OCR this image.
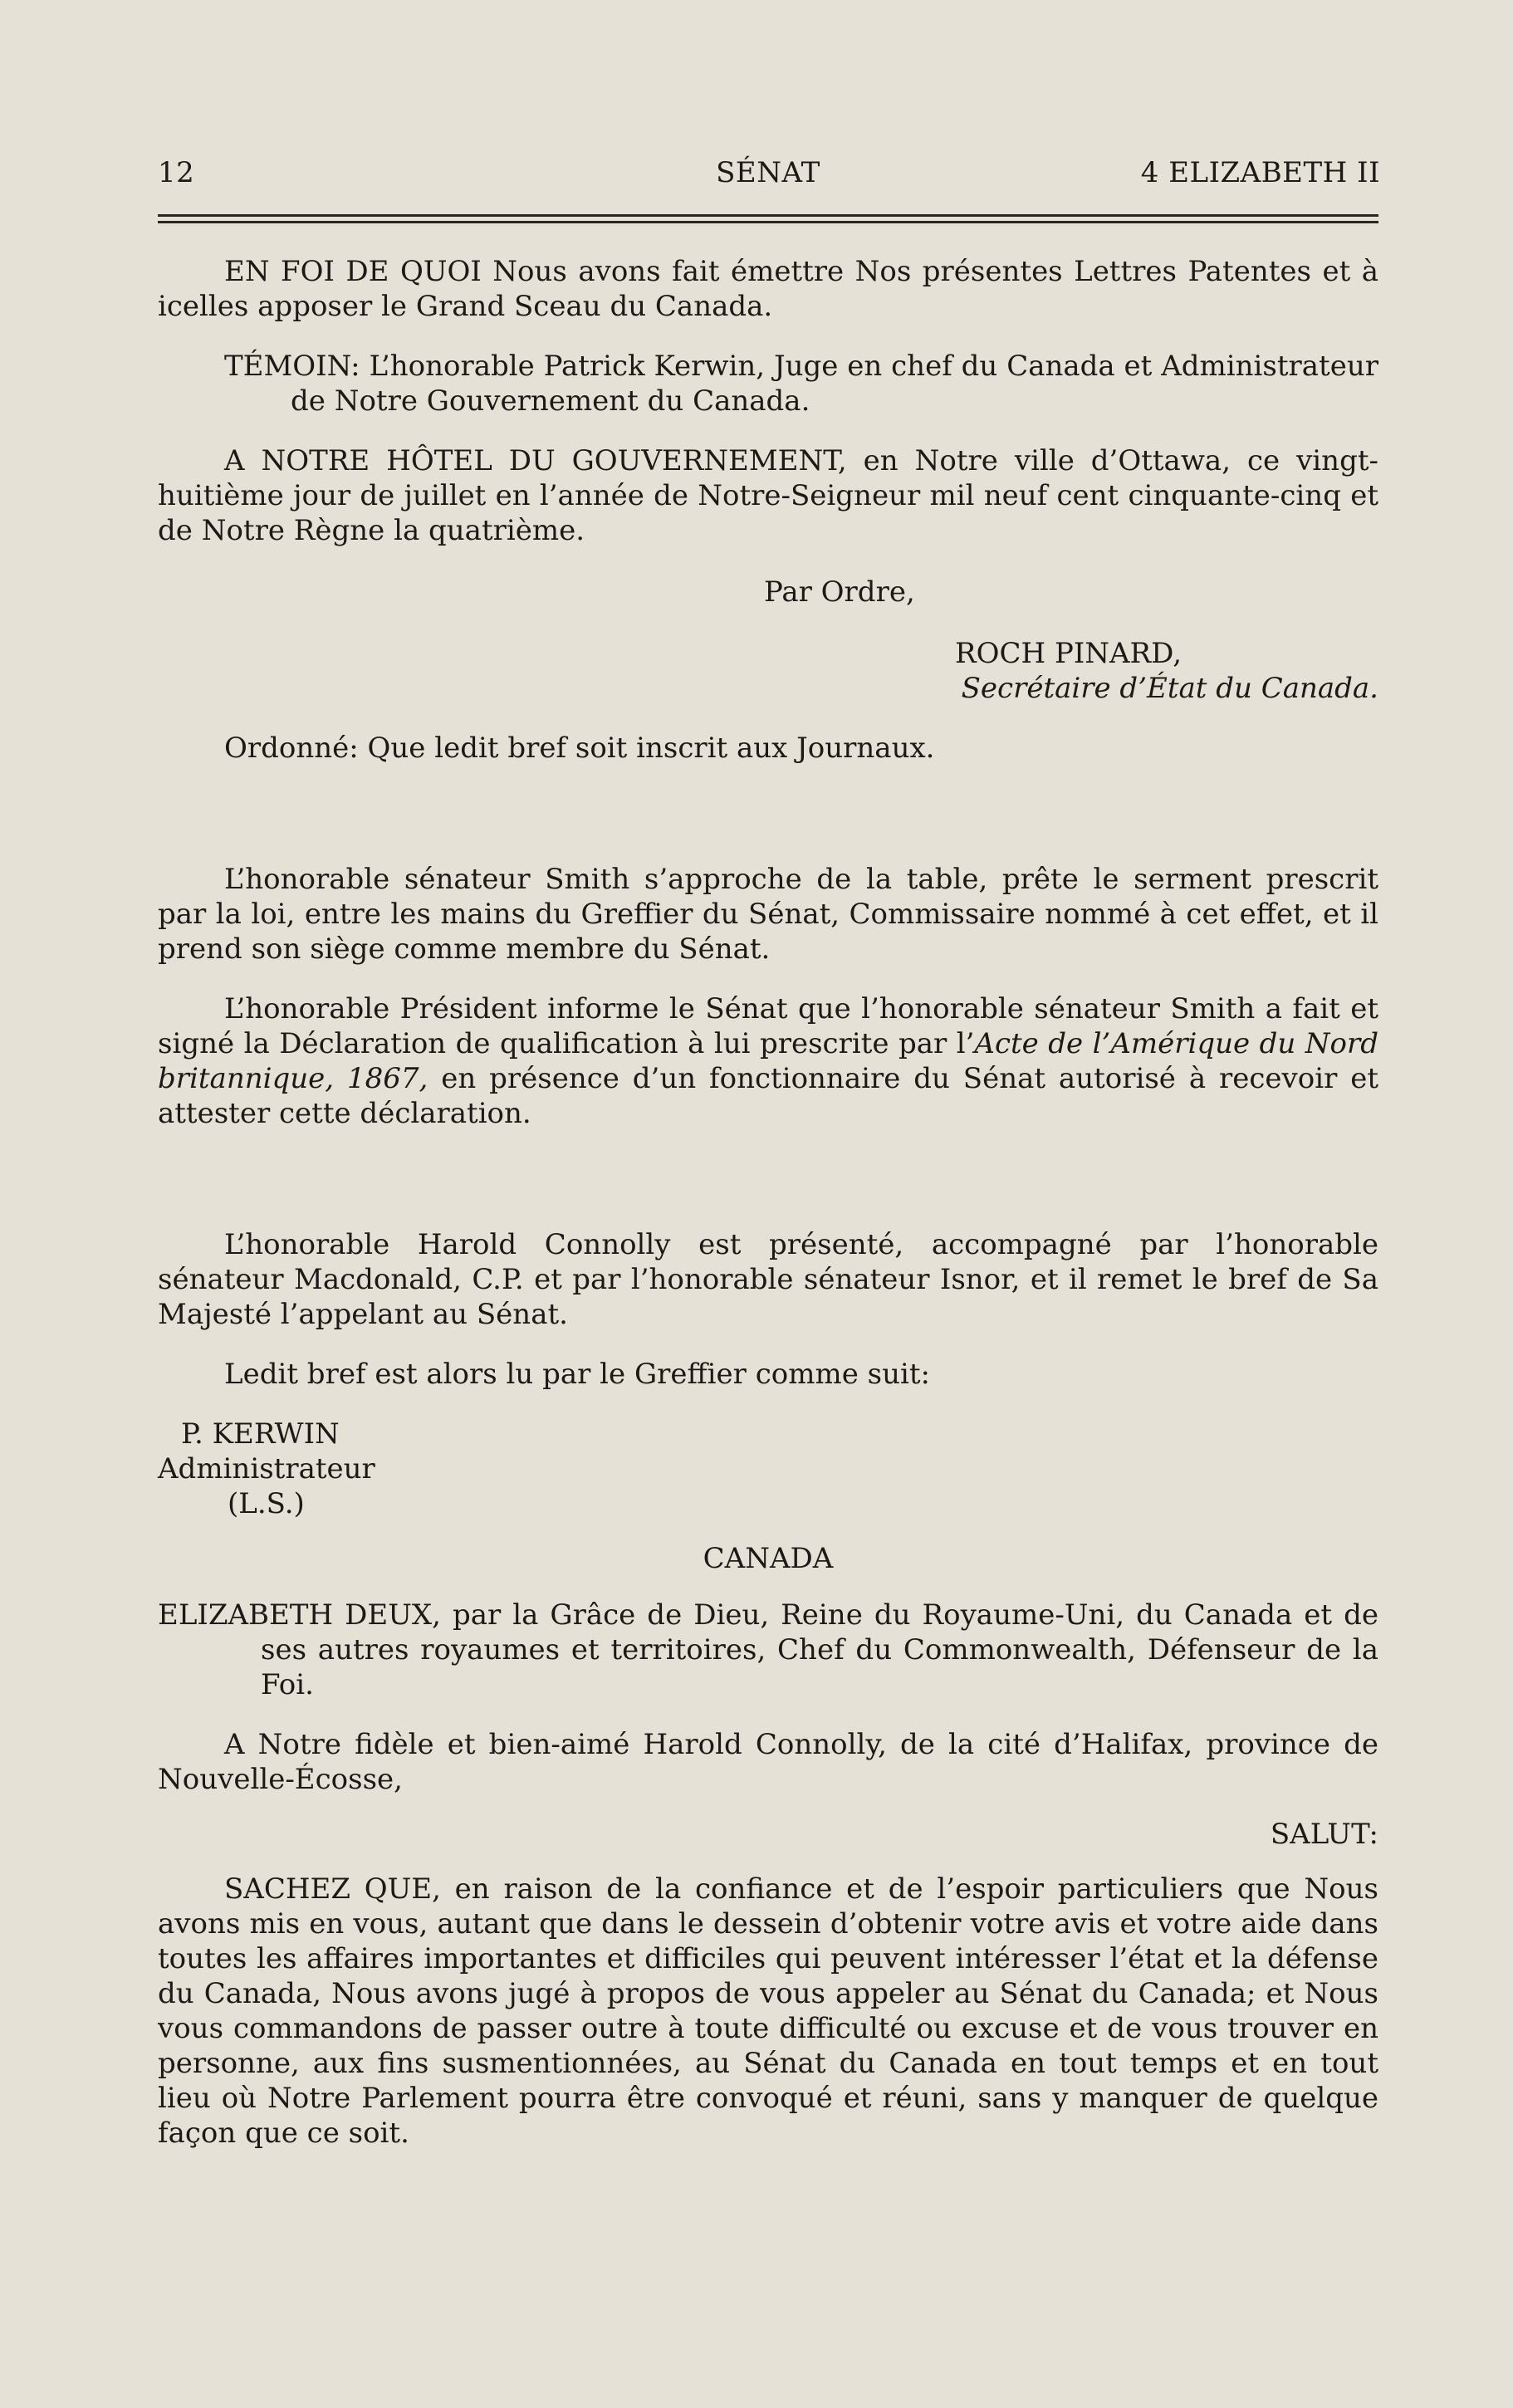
12	SÉNAT	4 ELIZABETH II

EN FOI DE QUOI Nous avons fait émettre Nos présentes Lettres Patentes et à icelles apposer le Grand Sceau du Canada.

TÉMOIN: L’honorable Patrick Kerwin, Juge en chef du Canada et Administrateur de Notre Gouvernement du Canada.

A NOTRE HÔTEL DU GOUVERNEMENT, en Notre ville d’Ottawa, ce vingt-huitième jour de juillet en l’année de Notre-Seigneur mil neuf cent cinquante-cinq et de Notre Règne la quatrième.

Par Ordre,

ROCH PINARD,

Secrétaire d’État du Canada.

Ordonné: Que ledit bref soit inscrit aux Journaux.

L’honorable sénateur Smith s’approche de la table, prête le serment prescrit par la loi, entre les mains du Greffier du Sénat, Commissaire nommé à cet effet, et il prend son siège comme membre du Sénat.

L’honorable Président informe le Sénat que l’honorable sénateur Smith a fait et signé la Déclaration de qualification à lui prescrite par l’Acte de l’Amérique du Nord britannique, 1867, en présence d’un fonctionnaire du Sénat autorisé à recevoir et attester cette déclaration.

L’honorable Harold Connolly est présenté, accompagné par l’honorable sénateur Macdonald, C.P. et par l’honorable sénateur Isnor, et il remet le bref de Sa Majesté l’appelant au Sénat.

Ledit bref est alors lu par le Greffier comme suit:

P. KERWIN

Administrateur

(L.S.)

CANADA

ELIZABETH DEUX, par la Grâce de Dieu, Reine du Royaume-Uni, du Canada et de ses autres royaumes et territoires, Chef du Commonwealth, Défenseur de la Foi.

A Notre fidèle et bien-aimé Harold Connolly, de la cité d’Halifax, province de Nouvelle-Écosse,

SALUT:

SACHEZ QUE, en raison de la confiance et de l’espoir particuliers que Nous avons mis en vous, autant que dans le dessein d’obtenir votre avis et votre aide dans toutes les affaires importantes et difficiles qui peuvent intéresser l’état et la défense du Canada, Nous avons jugé à propos de vous appeler au Sénat du Canada; et Nous vous commandons de passer outre à toute difficulté ou excuse et de vous trouver en personne, aux fins susmentionnées, au Sénat du Canada en tout temps et en tout lieu où Notre Parlement pourra être convoqué et réuni, sans y manquer de quelque façon que ce soit.
